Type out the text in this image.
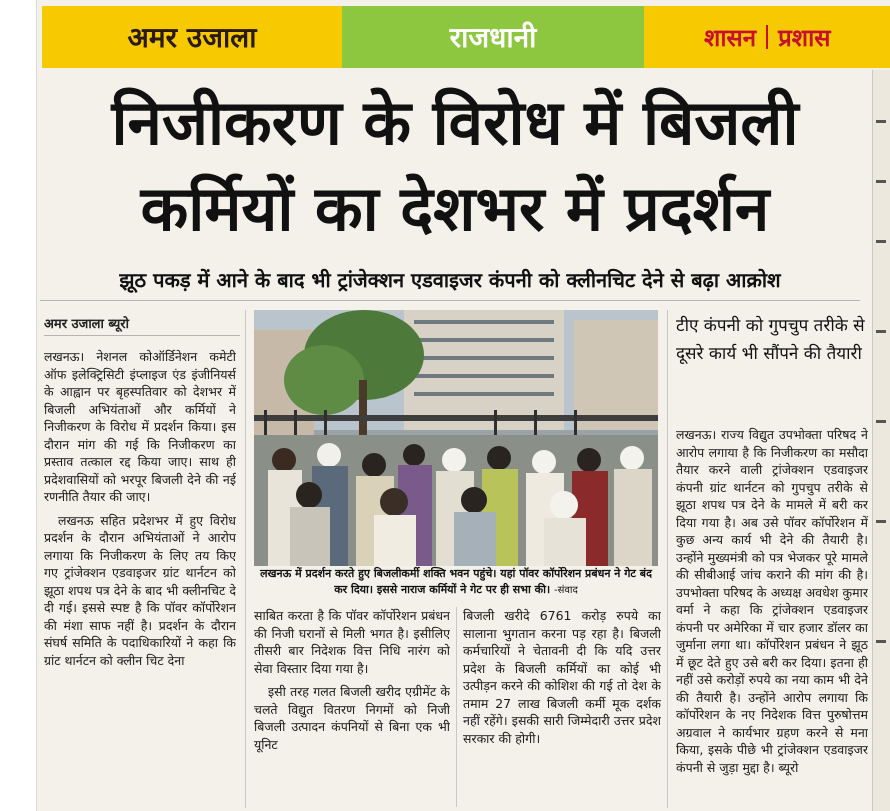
अमर उजाला	राजधानी	शासन प्रशास
निजीकरण के विरोध में बिजली
कर्मियों का देशभर में प्रदर्शन
झूठ पकड़ में आने के बाद भी ट्रांजेक्शन एडवाइजर कंपनी को क्लीनचिट देने से बढ़ा आक्रोश
अमर उजाला ब्यूरो

लखनऊ। नेशनल कोऑर्डिनेशन कमेटी ऑफ इलेक्ट्रिसिटी इंप्लाइज एंड इंजीनियर्स के आह्वान पर बृहस्पतिवार को देशभर में बिजली अभियंताओं और कर्मियों ने निजीकरण के विरोध में प्रदर्शन किया। इस दौरान मांग की गई कि निजीकरण का प्रस्ताव तत्काल रद्द किया जाए। साथ ही प्रदेशवासियों को भरपूर बिजली देने की नई रणनीति तैयार की जाए।

लखनऊ सहित प्रदेशभर में हुए विरोध प्रदर्शन के दौरान अभियंताओं ने आरोप लगाया कि निजीकरण के लिए तय किए गए ट्रांजेक्शन एडवाइजर ग्रांट थार्नटन को झूठा शपथ पत्र देने के बाद भी क्लीनचिट दे दी गई। इससे स्पष्ट है कि पॉवर कॉर्पोरेशन की मंशा साफ नहीं है। प्रदर्शन के दौरान संघर्ष समिति के पदाधिकारियों ने कहा कि ग्रांट थार्नटन को क्लीन चिट देना

लखनऊ में प्रदर्शन करते हुए बिजलीकर्मी शक्ति भवन पहुंचे। यहां पॉवर कॉर्पोरेशन प्रबंधन ने गेट बंद कर दिया। इससे नाराज कर्मियों ने गेट पर ही सभा की। -संवाद

साबित करता है कि पॉवर कॉर्पोरेशन प्रबंधन की निजी घरानों से मिली भगत है। इसीलिए तीसरी बार निदेशक वित्त निधि नारंग को सेवा विस्तार दिया गया है।

इसी तरह गलत बिजली खरीद एग्रीमेंट के चलते विद्युत वितरण निगमों को निजी बिजली उत्पादन कंपनियों से बिना एक भी यूनिट

बिजली खरीदे 6761 करोड़ रुपये का सालाना भुगतान करना पड़ रहा है। बिजली कर्मचारियों ने चेतावनी दी कि यदि उत्तर प्रदेश के बिजली कर्मियों का कोई भी उत्पीड़न करने की कोशिश की गई तो देश के तमाम 27 लाख बिजली कर्मी मूक दर्शक नहीं रहेंगे। इसकी सारी जिम्मेदारी उत्तर प्रदेश सरकार की होगी।

टीए कंपनी को गुपचुप तरीके से दूसरे कार्य भी सौंपने की तैयारी

लखनऊ। राज्य विद्युत उपभोक्ता परिषद ने आरोप लगाया है कि निजीकरण का मसौदा तैयार करने वाली ट्रांजेक्शन एडवाइजर कंपनी ग्रांट थार्नटन को गुपचुप तरीके से झूठा शपथ पत्र देने के मामले में बरी कर दिया गया है। अब उसे पॉवर कॉर्पोरेशन में कुछ अन्य कार्य भी देने की तैयारी है। उन्होंने मुख्यमंत्री को पत्र भेजकर पूरे मामले की सीबीआई जांच कराने की मांग की है। उपभोक्ता परिषद के अध्यक्ष अवधेश कुमार वर्मा ने कहा कि ट्रांजेक्शन एडवाइजर कंपनी पर अमेरिका में चार हजार डॉलर का जुर्माना लगा था। कॉर्पोरेशन प्रबंधन ने झूठ में छूट देते हुए उसे बरी कर दिया। इतना ही नहीं उसे करोड़ों रुपये का नया काम भी देने की तैयारी है। उन्होंने आरोप लगाया कि कॉर्पोरेशन के नए निदेशक वित्त पुरुषोत्तम अग्रवाल ने कार्यभार ग्रहण करने से मना किया, इसके पीछे भी ट्रांजेक्शन एडवाइजर कंपनी से जुड़ा मुद्दा है। ब्यूरो
